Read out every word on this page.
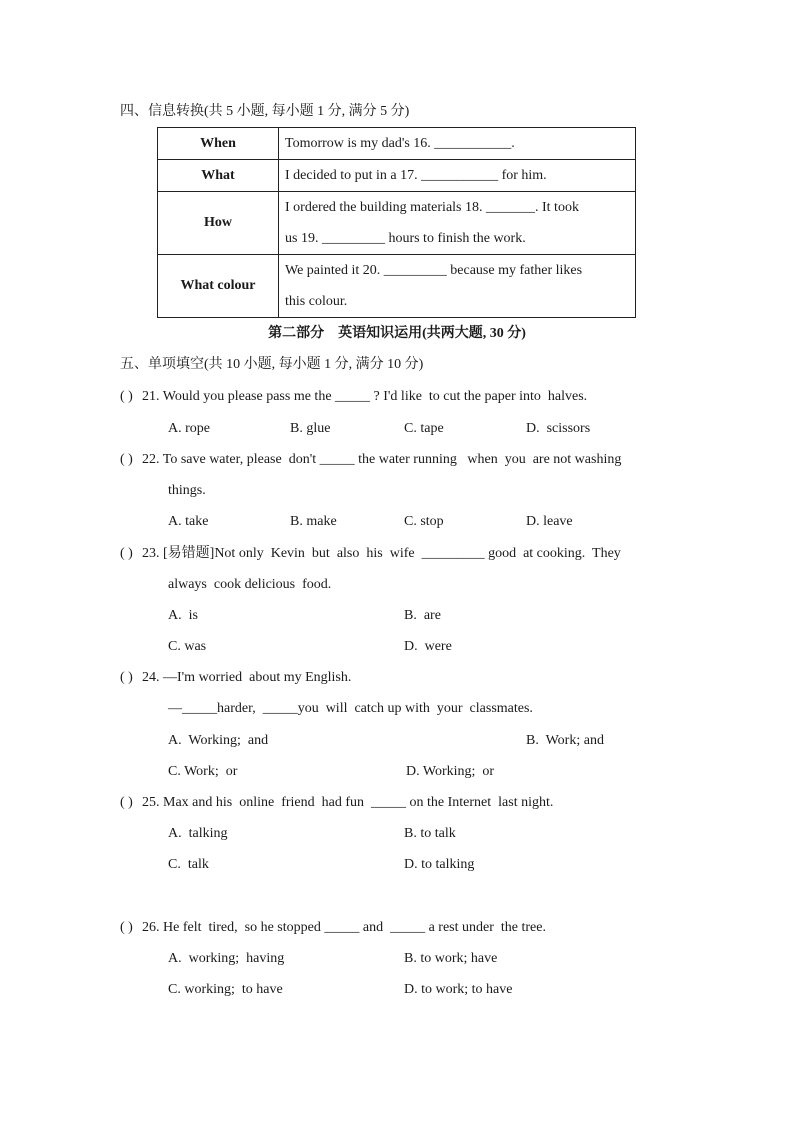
四、信息转换(共 5 小题, 每小题 1 分, 满分 5 分)
When	Tomorrow is my dad's 16. ___________.
What	I decided to put in a 17. ___________ for him.
How	I ordered the building materials 18. _______. It took
us 19. _________ hours to finish the work.

What colour	We painted it 20. _________ because my father likes
this colour.
第二部分    英语知识运用(共两大题, 30 分)
五、单项填空(共 10 小题, 每小题 1 分, 满分 10 分)
( ) 21. Would you please pass me the _____ ? I'd like  to cut the paper into  halves.
A. rope	B. glue	C. tape	D.  scissors
( ) 22. To save water, please  don't _____ the water running   when  you  are not washing
things.
A. take	B. make	C. stop	D. leave
( ) 23. [易错题]Not only  Kevin  but  also  his  wife  _________ good  at cooking.  They
always  cook delicious  food.
A.  is	B.  are
C. was	D.  were
( ) 24. —I'm worried  about my English.
—_____harder,  _____you  will  catch up with  your  classmates.
A.  Working;  and	B.  Work; and
C. Work;  or	D. Working;  or
( ) 25. Max and his  online  friend  had fun  _____ on the Internet  last night.
A.  talking	B. to talk
C.  talk	D. to talking
( ) 26. He felt  tired,  so he stopped _____ and  _____ a rest under  the tree.
A.  working;  having	B. to work; have
C. working;  to have	D. to work; to have
